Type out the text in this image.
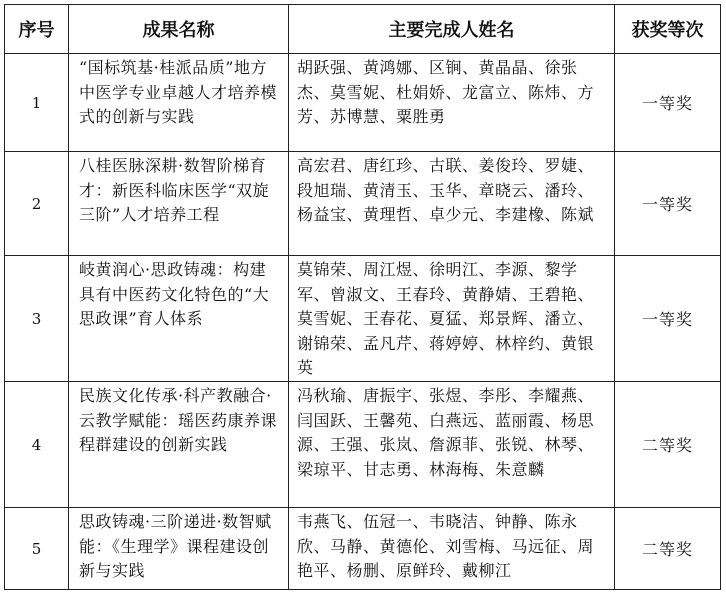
序号	成果名称	主要完成人姓名	获奖等次
1	“国标筑基·桂派品质”地方中医学专业卓越人才培养模式的创新与实践	胡跃强、黄鸿娜、区锏、黄晶晶、徐张杰、莫雪妮、杜娟娇、龙富立、陈炜、方芳、苏博慧、粟胜勇	一等奖
2	八桂医脉深耕·数智阶梯育才：新医科临床医学“双旋三阶”人才培养工程	高宏君、唐红珍、古联、姜俊玲、罗婕、段旭瑞、黄清玉、玉华、章晓云、潘玲、杨益宝、黄理哲、卓少元、李建橡、陈斌	一等奖
3	岐黄润心·思政铸魂：构建具有中医药文化特色的“大思政课”育人体系	莫锦荣、周江煜、徐明江、李源、黎学军、曾淑文、王春玲、黄静婧、王碧艳、莫雪妮、王春花、夏猛、郑景辉、潘立、谢锦荣、孟凡芹、蒋婷婷、林梓约、黄银英	一等奖
4	民族文化传承·科产教融合·云教学赋能：瑶医药康养课程群建设的创新实践	冯秋瑜、唐振宇、张煜、李彤、李耀燕、闫国跃、王馨苑、白燕远、蓝丽霞、杨思源、王强、张岚、詹源菲、张锐、林琴、梁琼平、甘志勇、林海梅、朱意麟	二等奖
5	思政铸魂·三阶递进·数智赋能：《生理学》课程建设创新与实践	韦燕飞、伍冠一、韦晓洁、钟静、陈永欣、马静、黄德伦、刘雪梅、马远征、周艳平、杨删、原鲜玲、戴柳江	二等奖
